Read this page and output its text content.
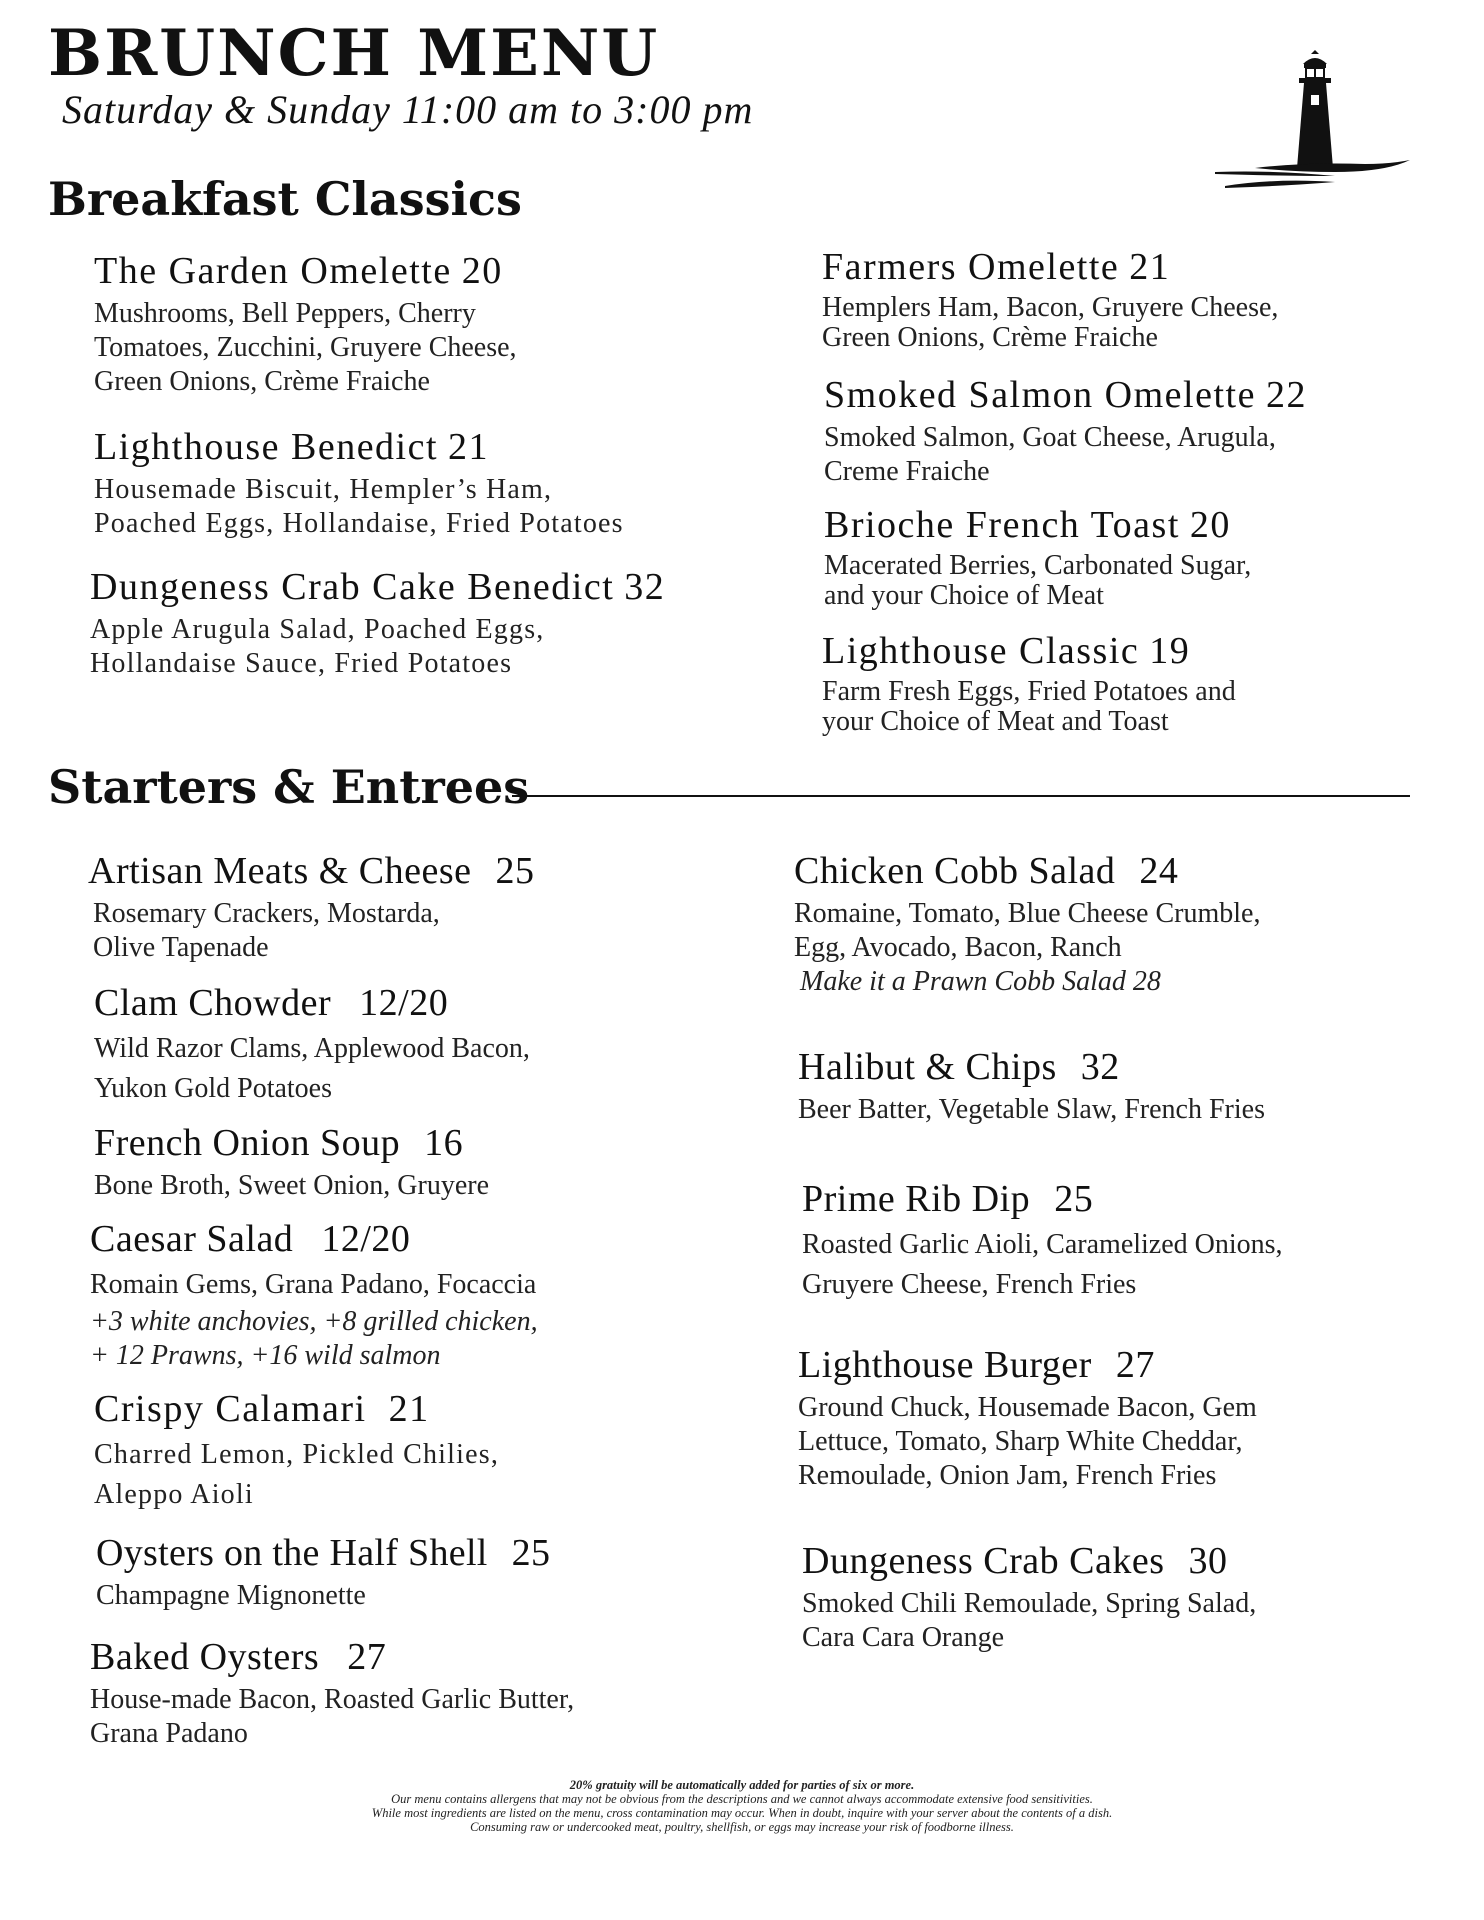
BRUNCH MENU
Saturday & Sunday 11:00 am to 3:00 pm
Breakfast Classics
The Garden Omelette 20
Mushrooms, Bell Peppers, Cherry
Tomatoes, Zucchini, Gruyere Cheese,
Green Onions, Crème Fraiche
Lighthouse Benedict 21
Housemade Biscuit, Hempler’s Ham,
Poached Eggs, Hollandaise, Fried Potatoes
Dungeness Crab Cake Benedict 32
Apple Arugula Salad, Poached Eggs,
Hollandaise Sauce, Fried Potatoes
Farmers Omelette 21
Hemplers Ham, Bacon, Gruyere Cheese,
Green Onions, Crème Fraiche
Smoked Salmon Omelette 22
Smoked Salmon, Goat Cheese, Arugula,
Creme Fraiche
Brioche French Toast 20
Macerated Berries, Carbonated Sugar,
and your Choice of Meat
Lighthouse Classic 19
Farm Fresh Eggs, Fried Potatoes and
your Choice of Meat and Toast
Starters & Entrees
Artisan Meats & Cheese 25
Rosemary Crackers, Mostarda,
Olive Tapenade
Clam Chowder 12/20
Wild Razor Clams, Applewood Bacon,
Yukon Gold Potatoes
French Onion Soup 16
Bone Broth, Sweet Onion, Gruyere
Caesar Salad 12/20
Romain Gems, Grana Padano, Focaccia
+3 white anchovies, +8 grilled chicken,
+ 12 Prawns, +16 wild salmon
Crispy Calamari 21
Charred Lemon, Pickled Chilies,
Aleppo Aioli
Oysters on the Half Shell 25
Champagne Mignonette
Baked Oysters 27
House-made Bacon, Roasted Garlic Butter,
Grana Padano
Chicken Cobb Salad 24
Romaine, Tomato, Blue Cheese Crumble,
Egg, Avocado, Bacon, Ranch
Make it a Prawn Cobb Salad 28
Halibut & Chips 32
Beer Batter, Vegetable Slaw, French Fries
Prime Rib Dip 25
Roasted Garlic Aioli, Caramelized Onions,
Gruyere Cheese, French Fries
Lighthouse Burger 27
Ground Chuck, Housemade Bacon, Gem
Lettuce, Tomato, Sharp White Cheddar,
Remoulade, Onion Jam, French Fries
Dungeness Crab Cakes 30
Smoked Chili Remoulade, Spring Salad,
Cara Cara Orange
20% gratuity will be automatically added for parties of six or more.
Our menu contains allergens that may not be obvious from the descriptions and we cannot always accommodate extensive food sensitivities.
While most ingredients are listed on the menu, cross contamination may occur. When in doubt, inquire with your server about the contents of a dish.
Consuming raw or undercooked meat, poultry, shellfish, or eggs may increase your risk of foodborne illness.
